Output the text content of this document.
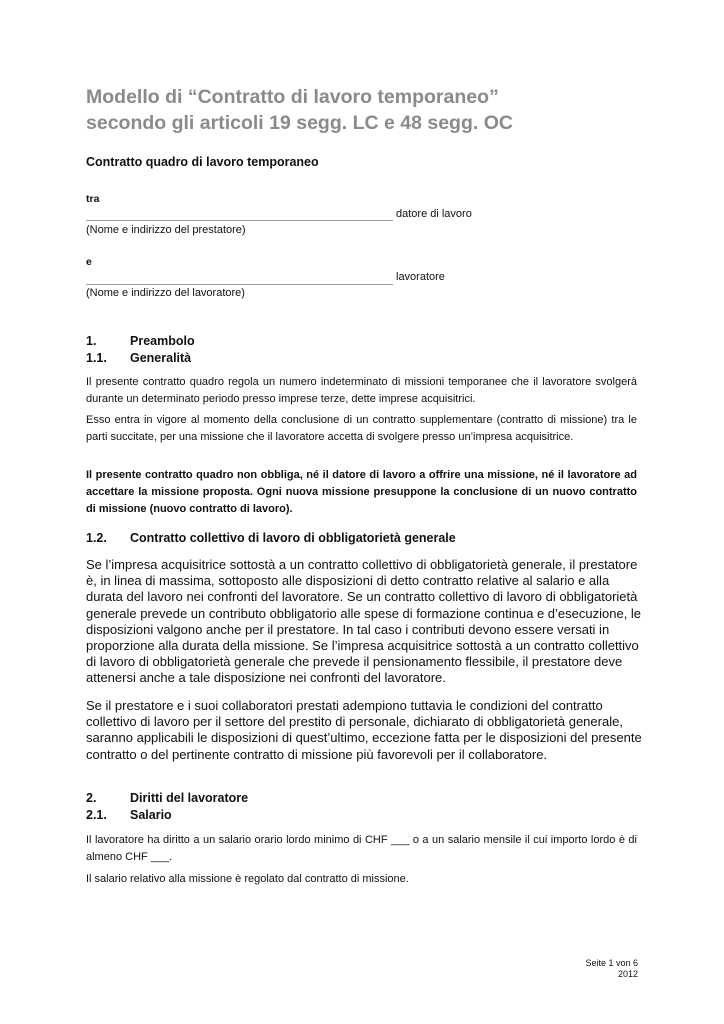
Modello di “Contratto di lavoro temporaneo”
secondo gli articoli 19 segg. LC e 48 segg. OC
Contratto quadro di lavoro temporaneo
tra
datore di lavoro
(Nome e indirizzo del prestatore)
e
lavoratore
(Nome e indirizzo del lavoratore)
1.	Preambolo
1.1. Generalità
Il presente contratto quadro regola un numero indeterminato di missioni temporanee che il lavoratore svolgerà durante un determinato periodo presso imprese terze, dette imprese acquisitrici.
Esso entra in vigore al momento della conclusione di un contratto supplementare (contratto di missione) tra le parti succitate, per una missione che il lavoratore accetta di svolgere presso un’impresa acquisitrice.
Il presente contratto quadro non obbliga, né il datore di lavoro a offrire una missione, né il lavoratore ad accettare la missione proposta. Ogni nuova missione presuppone la conclusione di un nuovo contratto di missione (nuovo contratto di lavoro).
1.2. Contratto collettivo di lavoro di obbligatorietà generale
Se l’impresa acquisitrice sottostà a un contratto collettivo di obbligatorietà generale, il prestatore è, in linea di massima, sottoposto alle disposizioni di detto contratto relative al salario e alla durata del lavoro nei confronti del lavoratore. Se un contratto collettivo di lavoro di obbligatorietà generale prevede un contributo obbligatorio alle spese di formazione continua e d’esecuzione, le disposizioni valgono anche per il prestatore. In tal caso i contributi devono essere versati in proporzione alla durata della missione. Se l’impresa acquisitrice sottostà a un contratto collettivo di lavoro di obbligatorietà generale che prevede il pensionamento flessibile, il prestatore deve attenersi anche a tale disposizione nei confronti del lavoratore.
Se il prestatore e i suoi collaboratori prestati adempiono tuttavia le condizioni del contratto collettivo di lavoro per il settore del prestito di personale, dichiarato di obbligatorietà generale, saranno applicabili le disposizioni di quest’ultimo, eccezione fatta per le disposizioni del presente contratto o del pertinente contratto di missione più favorevoli per il collaboratore.
2.	Diritti del lavoratore
2.1. Salario
Il lavoratore ha diritto a un salario orario lordo minimo di CHF ___ o a un salario mensile il cui importo lordo è di almeno CHF ___.
Il salario relativo alla missione è regolato dal contratto di missione.
Seite 1 von 6
2012
